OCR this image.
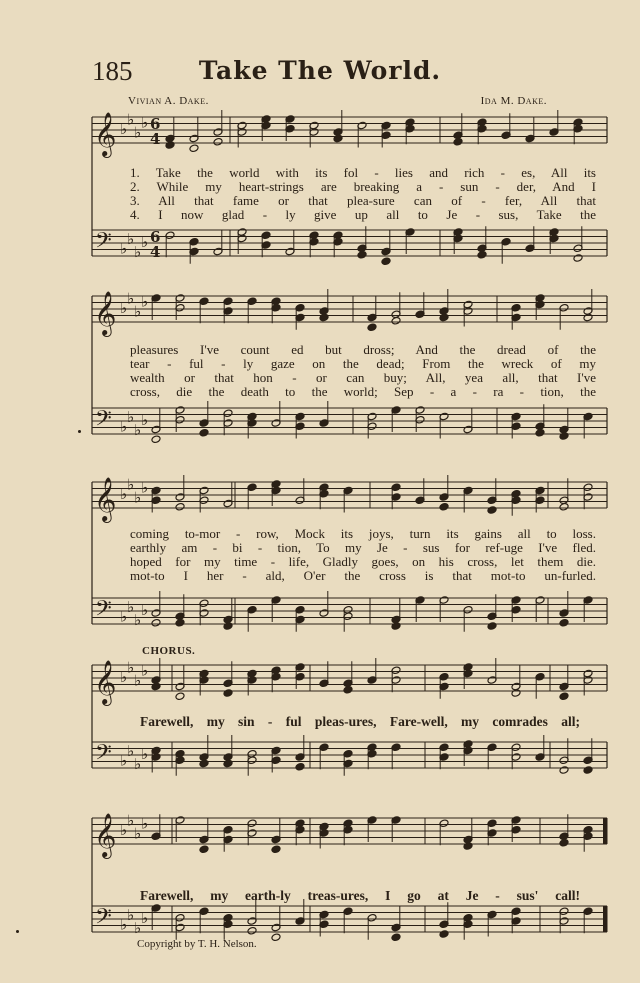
185	Take The World.
Vivian A. Dake.	Ida M. Dake.
𝄞
𝄢
♭
♭
♭
♭
♭
♭
♭
♭
𝄞
𝄢
♭
♭
♭
♭
♭
♭
♭
♭
𝄞
𝄢
♭
♭
♭
♭
♭
♭
♭
♭
𝄞
𝄢
♭
♭
♭
♭
♭
♭
♭
♭
𝄞
𝄢
♭
♭
♭
♭
♭
♭
♭
♭
6
4
6
4
1. Take the world with its fol - lies and rich - es, All its
2. While my heart-strings are breaking a - sun - der, And I
3. All that fame or that plea-sure can of - fer, All that
4. I now glad - ly give up all to Je - sus, Take the
pleasures I've count ed but dross; And the dread of the
tear - ful - ly gaze on the dead; From the wreck of my
wealth or that hon - or can buy; All, yea all, that I've
cross, die the death to the world; Sep - a - ra - tion, the
coming to-mor - row, Mock its joys, turn its gains all to loss.
earthly am - bi - tion, To my Je - sus for ref-uge I've fled.
hoped for my time - life, Gladly goes, on his cross, let them die.
mot-to I her - ald, O'er the cross is that mot-to un-furled.
CHORUS.
Farewell, my sin - ful pleas-ures, Fare-well, my comrades all;
Farewell, my earth-ly treas-ures, I go at Je - sus' call!
Copyright by T. H. Nelson.
